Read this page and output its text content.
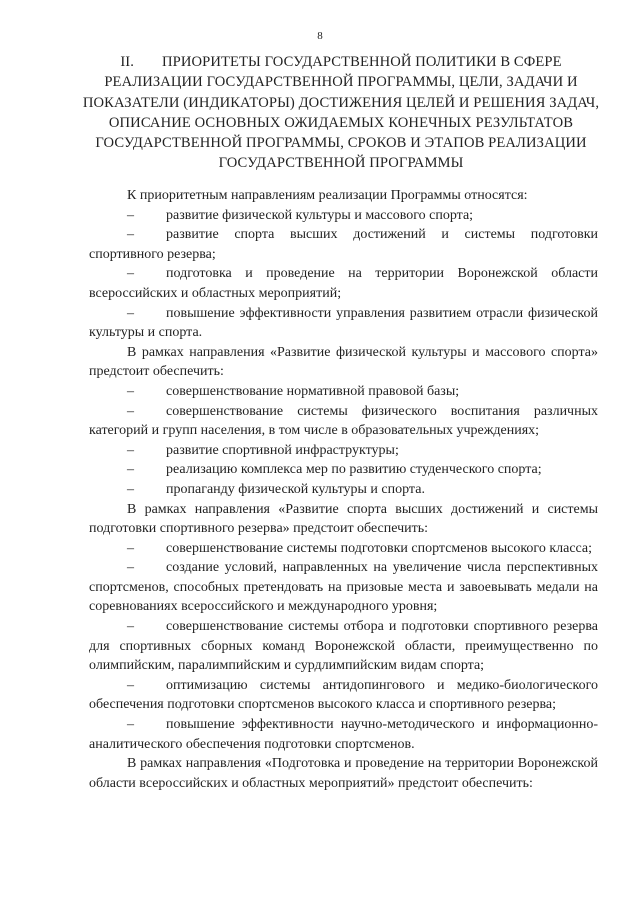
8
II. ПРИОРИТЕТЫ ГОСУДАРСТВЕННОЙ ПОЛИТИКИ В СФЕРЕ РЕАЛИЗАЦИИ ГОСУДАРСТВЕННОЙ ПРОГРАММЫ, ЦЕЛИ, ЗАДАЧИ И ПОКАЗАТЕЛИ (ИНДИКАТОРЫ) ДОСТИЖЕНИЯ ЦЕЛЕЙ И РЕШЕНИЯ ЗАДАЧ, ОПИСАНИЕ ОСНОВНЫХ ОЖИДАЕМЫХ КОНЕЧНЫХ РЕЗУЛЬТАТОВ ГОСУДАРСТВЕННОЙ ПРОГРАММЫ, СРОКОВ И ЭТАПОВ РЕАЛИЗАЦИИ ГОСУДАРСТВЕННОЙ ПРОГРАММЫ
К приоритетным направлениям реализации Программы относятся:
– развитие физической культуры и массового спорта;
– развитие спорта высших достижений и системы подготовки спортивного резерва;
– подготовка и проведение на территории Воронежской области всероссийских и областных мероприятий;
– повышение эффективности управления развитием отрасли физической культуры и спорта.
В рамках направления «Развитие физической культуры и массового спорта» предстоит обеспечить:
– совершенствование нормативной правовой базы;
– совершенствование системы физического воспитания различных категорий и групп населения, в том числе в образовательных учреждениях;
– развитие спортивной инфраструктуры;
– реализацию комплекса мер по развитию студенческого спорта;
– пропаганду физической культуры и спорта.
В рамках направления «Развитие спорта высших достижений и системы подготовки спортивного резерва» предстоит обеспечить:
– совершенствование системы подготовки спортсменов высокого класса;
– создание условий, направленных на увеличение числа перспективных спортсменов, способных претендовать на призовые места и завоевывать медали на соревнованиях всероссийского и международного уровня;
– совершенствование системы отбора и подготовки спортивного резерва для спортивных сборных команд Воронежской области, преимущественно по олимпийским, паралимпийским и сурдлимпийским видам спорта;
– оптимизацию системы антидопингового и медико-биологического обеспечения подготовки спортсменов высокого класса и спортивного резерва;
– повышение эффективности научно-методического и информационно-аналитического обеспечения подготовки спортсменов.
В рамках направления «Подготовка и проведение на территории Воронежской области всероссийских и областных мероприятий» предстоит обеспечить:
